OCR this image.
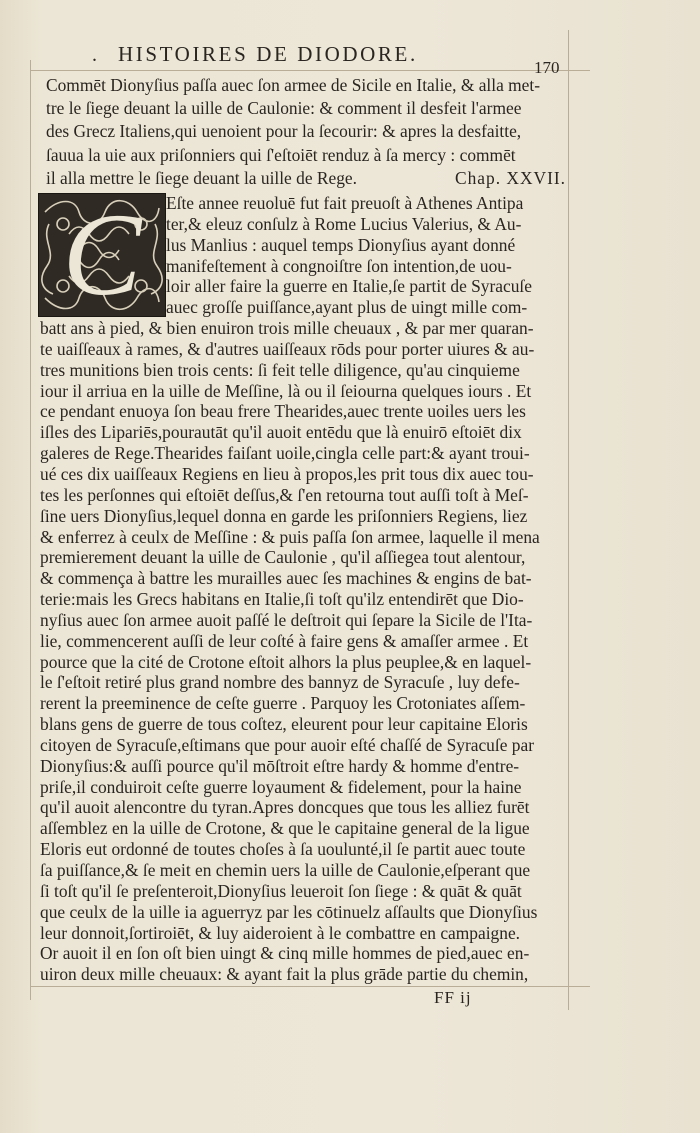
. HISTOIRES DE DIODORE.
170
Commēt Dionyſius paſſa auec ſon armee de Sicile en Italie, & alla met-
tre le ſiege deuant la uille de Caulonie: & comment il desfeit l'armee
des Grecz Italiens,qui uenoient pour la ſecourir: & apres la desfaitte,
ſauua la uie aux priſonniers qui ſ'eſtoiēt renduz à ſa mercy : commēt
il alla mettre le ſiege deuant la uille de Rege.	Chap. XXVII.
C	Eſte annee reuoluē fut fait preuoſt à Athenes Antipa
ter,& eleuz conſulz à Rome Lucius Valerius, & Au-
lus Manlius : auquel temps Dionyſius ayant donné
manifeſtement à congnoiſtre ſon intention,de uou-
loir aller faire la guerre en Italie,ſe partit de Syracuſe
auec groſſe puiſſance,ayant plus de uingt mille com-
batt ans à pied, & bien enuiron trois mille cheuaux , & par mer quaran-
te uaiſſeaux à rames, & d'autres uaiſſeaux rōds pour porter uiures & au-
tres munitions bien trois cents: ſi feit telle diligence, qu'au cinquieme
iour il arriua en la uille de Meſſine, là ou il ſeiourna quelques iours . Et
ce pendant enuoya ſon beau frere Thearides,auec trente uoiles uers les
iſles des Lipariēs,pourautāt qu'il auoit entēdu que là enuirō eſtoiēt dix
galeres de Rege.Thearides faiſant uoile,cingla celle part:& ayant troui-
ué ces dix uaiſſeaux Regiens en lieu à propos,les prit tous dix auec tou-
tes les perſonnes qui eſtoiēt deſſus,& ſ'en retourna tout auſſi toſt à Meſ-
ſine uers Dionyſius,lequel donna en garde les priſonniers Regiens, liez
& enferrez à ceulx de Meſſine : & puis paſſa ſon armee, laquelle il mena
premierement deuant la uille de Caulonie , qu'il aſſiegea tout alentour,
& commença à battre les murailles auec ſes machines & engins de bat-
terie:mais les Grecs habitans en Italie,ſi toſt qu'ilz entendirēt que Dio-
nyſius auec ſon armee auoit paſſé le deſtroit qui ſepare la Sicile de l'Ita-
lie, commencerent auſſi de leur coſté à faire gens & amaſſer armee . Et
pource que la cité de Crotone eſtoit alhors la plus peuplee,& en laquel-
le ſ'eſtoit retiré plus grand nombre des bannyz de Syracuſe , luy defe-
rerent la preeminence de ceſte guerre . Parquoy les Crotoniates aſſem-
blans gens de guerre de tous coſtez, eleurent pour leur capitaine Eloris
citoyen de Syracuſe,eſtimans que pour auoir eſté chaſſé de Syracuſe par
Dionyſius:& auſſi pource qu'il mōſtroit eſtre hardy & homme d'entre-
priſe,il conduiroit ceſte guerre loyaument & fidelement, pour la haine
qu'il auoit alencontre du tyran.Apres doncques que tous les alliez furēt
aſſemblez en la uille de Crotone, & que le capitaine general de la ligue
Eloris eut ordonné de toutes choſes à ſa uoulunté,il ſe partit auec toute
ſa puiſſance,& ſe meit en chemin uers la uille de Caulonie,eſperant que
ſi toſt qu'il ſe preſenteroit,Dionyſius leueroit ſon ſiege : & quāt & quāt
que ceulx de la uille ia aguerryz par les cōtinuelz aſſaults que Dionyſius
leur donnoit,ſortiroiēt, & luy aideroient à le combattre en campaigne.
Or auoit il en ſon oſt bien uingt & cinq mille hommes de pied,auec en-
uiron deux mille cheuaux: & ayant fait la plus grāde partie du chemin,
FF ij
